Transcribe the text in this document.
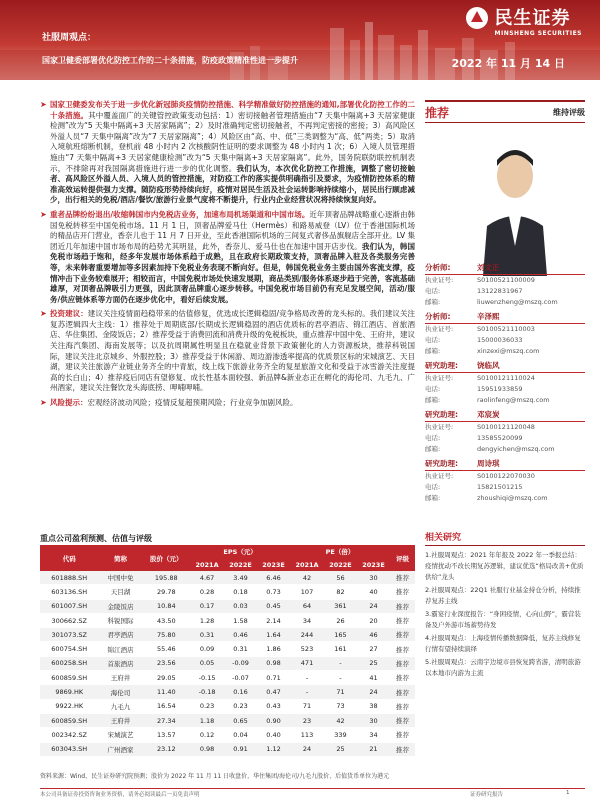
民生证券
MINSHENG SECURITIES
社服周观点：
国家卫健委部署优化防控工作的二十条措施，防疫政策精准性进一步提升	2022 年 11 月 14 日
➤ 国家卫健委发布关于进一步优化新冠肺炎疫情防控措施、科学精准做好防控措施的通知,部署优化防控工作的二十条措施。其中覆盖面广的关键管控政策变动包括：1）密切接触者管理措施由“7 天集中隔离+3 天居家健康检测”改为“5 天集中隔离+3 天居家隔离”；2）及时准确判定密切接触者，不再判定密接的密接；3）高风险区外溢人员“7 天集中隔离”改为“7 天居家隔离”；4）风险区由“高、中、低”三类调整为“高、低”两类；5）取消入境航班熔断机制，登机前 48 小时内 2 次核酸阴性证明的要求调整为 48 小时内 1 次；6）入境人员管理措施由“7 天集中隔离+3 天居家健康检测”改为“5 天集中隔离+3 天居家隔离”。此外，国务院联防联控机制表示，不排除再对我国隔离措施进行进一步的优化调整。我们认为，本次优化防控工作措施，调整了密切接触者、高风险区外溢人员、入境人员的管控措施，对防疫工作的落实提供明确指引及要求，为疫情防控体系的精准高效运转提供强力支撑。随防疫形势持续向好，疫情对居民生活及社会运转影响持续缩小，居民出行顾虑减少，出行相关的免税/酒店/餐饮/旅游行业景气度将不断提升，行业内企业经营状况将持续恢复向好。
➤ 重者品牌纷纷退出/收缩韩国市内免税店业务，加速布局机场渠道和中国市场。近年顶奢品牌战略重心逐渐由韩国免税转移至中国免税市场。11 月 1 日，顶奢品牌爱马仕（Hermès）和路易威登（LV）位于香港国际机场的精品店开门营业，香奈儿也于 11 月 7 日开业，至此香港国际机场的三间复式奢侈品旗舰店全部开业。LV 集团近几年加速中国市场布局的趋势尤其明显，此外，香奈儿、爱马仕也在加速中国开店步伐。我们认为，韩国免税市场趋于饱和，经多年发展市场体系趋于成熟，且在政府长期政策支持，顶奢品牌入驻及各类服务完善等，未来韩奢重要增加等多因素加持下免税业务表现不断向好。但是，韩国免税业务主要由国外客流支撑，疫情冲击下业务较难展开；相较而言，中国免税市场处快速发展期，商品类别/服务体系逐步趋于完善，客流基础雄厚，对顶奢品牌吸引力更强，因此顶奢品牌重心逐步转移。中国免税市场目前仍有充足发展空间，活动/服务/供应链体系等方面仍在逐步优化中，看好后续发展。
➤ 投资建议：建议关注疫情面趋稳带来的估值修复，优选成长逻辑稳固/竞争格局改善的龙头标的。我们建议关注复苏逻辑四大主线：1）推荐处于周期底部/长期成长逻辑稳固的酒店优质标的君亭酒店、锦江酒店、首旅酒店、华住集团、金陵饭店；2）推荐受益于消费回流和消费升级的免税板块，重点推荐中国中免、王府井，建议关注海汽集团、海南发展等；以及抗周期属性明显且在稳就业背景下政策催化的人力资源板块，推荐科锐国际，建议关注北京城乡、外服控股；3）推荐受益于休闲游、周边游渗透率提高的优质景区标的宋城演艺、天目湖，建议关注旅游产业链业务齐全的中青旅，线上线下旅游业务齐全的复星旅游文化和受益于冰雪游关注度提高的长白山；4）推荐疫后同店有望修复、成长性基本面较强、新品牌&新业态正在孵化的海伦司、九毛九、广州酒家，建议关注餐饮龙头海底捞、呷哺呷哺。
➤ 风险提示：宏观经济波动风险；疫情反复超预期风险；行业竞争加剧风险。
推荐	维持评级
分析师:	刘文正
执业证号:	S0100521100009
电话:	13122831967
邮箱:	liuwenzheng@mszq.com
分析师:	辛泽熙
执业证号:	S0100521110003
电话:	15000036033
邮箱:	xinzexi@mszq.com
研究助理:	饶临风
执业证号:	S0100121110024
电话:	15951933859
邮箱:	raolinfeng@mszq.com
研究助理:	邓宸炭
执业证号:	S0100121120048
电话:	13585520099
邮箱:	dengyichen@mszq.com
研究助理:	周诗琪
执业证号:	S0100122070030
电话:	15821501215
邮箱:	zhoushiqi@mszq.com
相关研究
1.社服周观点：2021 年年报及 2022 年一季报总结：疫情扰动不改长期复苏逻辑，建议优选“格局改善+优质供给”龙头
2.社服周观点：22Q1 社服行业基金持仓分析，持续推荐复苏主线
3.霸宴行业深度报告：“身困疫情，心向山野”，霸营装备及户外游市场蓄势待发
4.社服周观点：上海疫情传播数据降低，复苏主线修复行情有望持续演绎
5.社服周观点：云南宇边境市县恢复跨省游，清明旅游以本地市内游为主流
重点公司盈利预测、估值与评级
代码	简称	股价（元）	EPS（元）			PE（倍）			评级
			2021A	2022E	2023E	2021A	2022E	2023E	
601888.SH	中国中免	195.88	4.67	3.49	6.46	42	56	30	推荐
603136.SH	天目湖	29.78	0.28	0.18	0.73	107	82	40	推荐
601007.SH	金陵饭店	10.84	0.17	0.03	0.45	64	361	24	推荐
300662.SZ	科锐国际	43.50	1.28	1.58	2.14	34	26	20	推荐
301073.SZ	君亭酒店	75.80	0.31	0.46	1.64	244	165	46	推荐
600754.SH	锦江酒店	55.46	0.09	0.31	1.86	523	161	27	推荐
600258.SH	首旅酒店	23.56	0.05	-0.09	0.98	471	-	25	推荐
600859.SH	王府井	29.05	-0.15	-0.07	0.71	-	-	41	推荐
9869.HK	海伦司	11.40	-0.18	0.16	0.47	-	71	24	推荐
9922.HK	九毛九	16.54	0.23	0.23	0.43	71	73	38	推荐
600859.SH	王府井	27.34	1.18	0.65	0.90	23	42	30	推荐
002342.SZ	宋城演艺	13.57	0.12	0.04	0.40	113	339	34	推荐
603043.SH	广州酒家	23.12	0.98	0.91	1.12	24	25	21	推荐
资料来源：Wind，民生证券研究院预测；股价为 2022 年 11 月 11 日收盘价，华住集团/海伦司/九毛九股价、后值货币单位为港元
本公司具备证券投资咨询业务资格，请务必阅读最后一页免责声明	证券研究报告	1
